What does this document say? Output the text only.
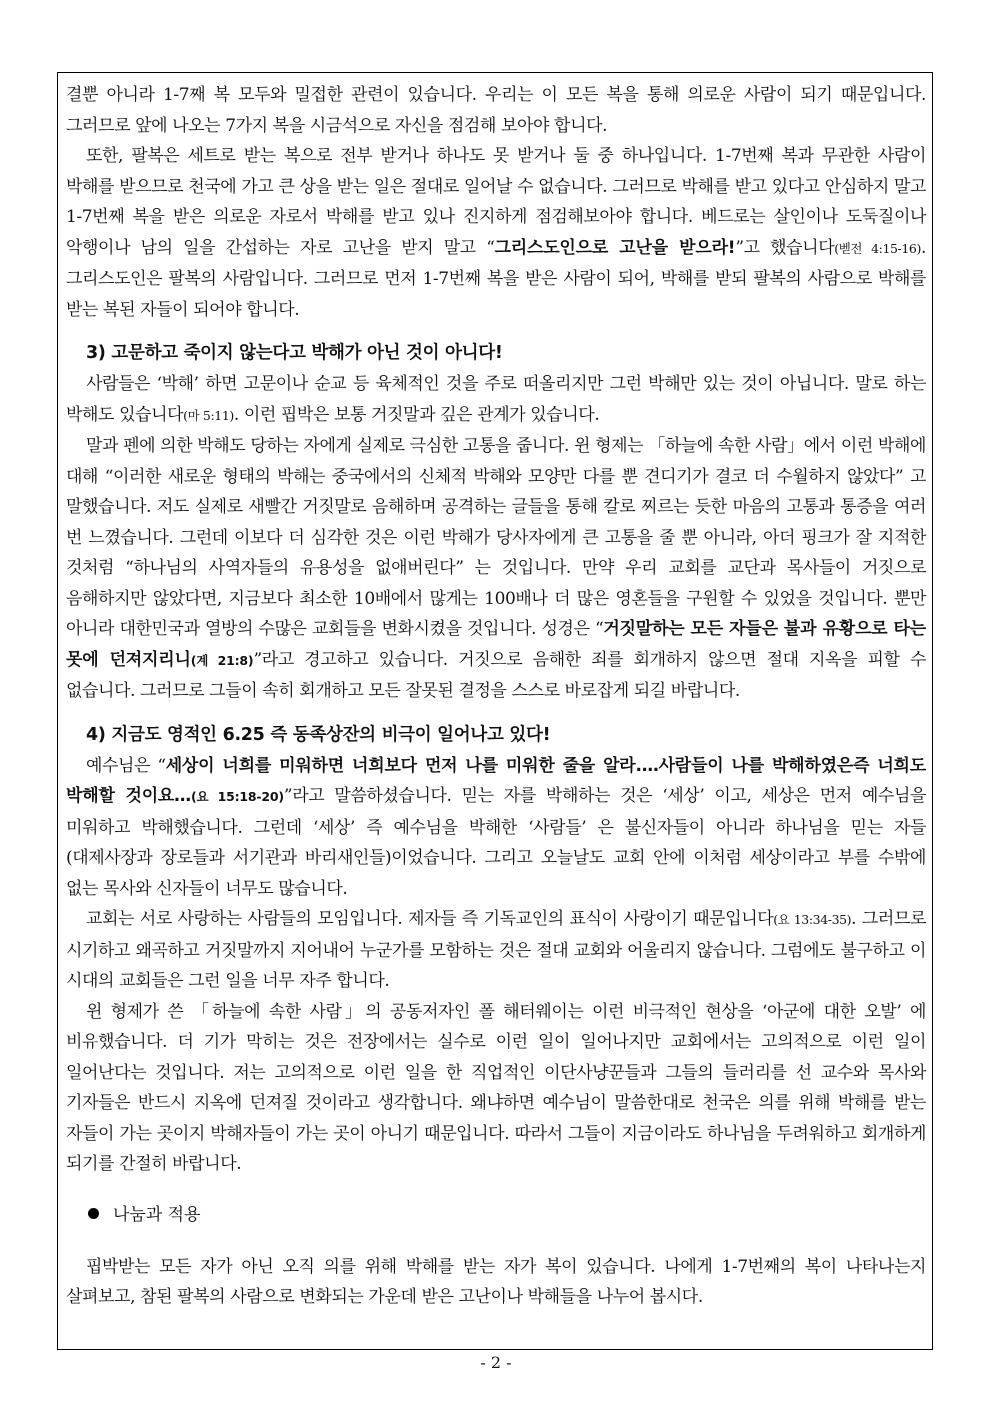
결뿐 아니라 1-7째 복 모두와 밀접한 관련이 있습니다. 우리는 이 모든 복을 통해 의로운 사람이 되기 때문입니다. 그러므로 앞에 나오는 7가지 복을 시금석으로 자신을 점검해 보아야 합니다.

또한, 팔복은 세트로 받는 복으로 전부 받거나 하나도 못 받거나 둘 중 하나입니다. 1-7번째 복과 무관한 사람이 박해를 받으므로 천국에 가고 큰 상을 받는 일은 절대로 일어날 수 없습니다. 그러므로 박해를 받고 있다고 안심하지 말고 1-7번째 복을 받은 의로운 자로서 박해를 받고 있나 진지하게 점검해보아야 합니다. 베드로는 살인이나 도둑질이나 악행이나 남의 일을 간섭하는 자로 고난을 받지 말고 “그리스도인으로 고난을 받으라!”고 했습니다(벧전 4:15-16). 그리스도인은 팔복의 사람입니다. 그러므로 먼저 1-7번째 복을 받은 사람이 되어, 박해를 받되 팔복의 사람으로 박해를 받는 복된 자들이 되어야 합니다.

3) 고문하고 죽이지 않는다고 박해가 아닌 것이 아니다!

사람들은 ‘박해’ 하면 고문이나 순교 등 육체적인 것을 주로 떠올리지만 그런 박해만 있는 것이 아닙니다. 말로 하는 박해도 있습니다(마 5:11). 이런 핍박은 보통 거짓말과 깊은 관계가 있습니다.

말과 펜에 의한 박해도 당하는 자에게 실제로 극심한 고통을 줍니다. 윈 형제는 「하늘에 속한 사람」에서 이런 박해에 대해 “이러한 새로운 형태의 박해는 중국에서의 신체적 박해와 모양만 다를 뿐 견디기가 결코 더 수월하지 않았다” 고 말했습니다. 저도 실제로 새빨간 거짓말로 음해하며 공격하는 글들을 통해 칼로 찌르는 듯한 마음의 고통과 통증을 여러 번 느꼈습니다. 그런데 이보다 더 심각한 것은 이런 박해가 당사자에게 큰 고통을 줄 뿐 아니라, 아더 핑크가 잘 지적한 것처럼 “하나님의 사역자들의 유용성을 없애버린다” 는 것입니다. 만약 우리 교회를 교단과 목사들이 거짓으로 음해하지만 않았다면, 지금보다 최소한 10배에서 많게는 100배나 더 많은 영혼들을 구원할 수 있었을 것입니다. 뿐만 아니라 대한민국과 열방의 수많은 교회들을 변화시켰을 것입니다. 성경은 “거짓말하는 모든 자들은 불과 유황으로 타는 못에 던져지리니(계 21:8)”라고 경고하고 있습니다. 거짓으로 음해한 죄를 회개하지 않으면 절대 지옥을 피할 수 없습니다. 그러므로 그들이 속히 회개하고 모든 잘못된 결정을 스스로 바로잡게 되길 바랍니다.

4) 지금도 영적인 6.25 즉 동족상잔의 비극이 일어나고 있다!

예수님은 “세상이 너희를 미워하면 너희보다 먼저 나를 미워한 줄을 알라.…사람들이 나를 박해하였은즉 너희도 박해할 것이요…(요 15:18-20)”라고 말씀하셨습니다. 믿는 자를 박해하는 것은 ‘세상’ 이고, 세상은 먼저 예수님을 미워하고 박해했습니다. 그런데 ‘세상’ 즉 예수님을 박해한 ‘사람들’ 은 불신자들이 아니라 하나님을 믿는 자들(대제사장과 장로들과 서기관과 바리새인들)이었습니다. 그리고 오늘날도 교회 안에 이처럼 세상이라고 부를 수밖에 없는 목사와 신자들이 너무도 많습니다.

교회는 서로 사랑하는 사람들의 모임입니다. 제자들 즉 기독교인의 표식이 사랑이기 때문입니다(요 13:34-35). 그러므로 시기하고 왜곡하고 거짓말까지 지어내어 누군가를 모함하는 것은 절대 교회와 어울리지 않습니다. 그럼에도 불구하고 이 시대의 교회들은 그런 일을 너무 자주 합니다.

윈 형제가 쓴 「하늘에 속한 사람」의 공동저자인 폴 해터웨이는 이런 비극적인 현상을 ‘아군에 대한 오발’ 에 비유했습니다. 더 기가 막히는 것은 전장에서는 실수로 이런 일이 일어나지만 교회에서는 고의적으로 이런 일이 일어난다는 것입니다. 저는 고의적으로 이런 일을 한 직업적인 이단사냥꾼들과 그들의 들러리를 선 교수와 목사와 기자들은 반드시 지옥에 던져질 것이라고 생각합니다. 왜냐하면 예수님이 말씀한대로 천국은 의를 위해 박해를 받는 자들이 가는 곳이지 박해자들이 가는 곳이 아니기 때문입니다. 따라서 그들이 지금이라도 하나님을 두려워하고 회개하게 되기를 간절히 바랍니다.

나눔과 적용

핍박받는 모든 자가 아닌 오직 의를 위해 박해를 받는 자가 복이 있습니다. 나에게 1-7번째의 복이 나타나는지 살펴보고, 참된 팔복의 사람으로 변화되는 가운데 받은 고난이나 박해들을 나누어 봅시다.

- 2 -
